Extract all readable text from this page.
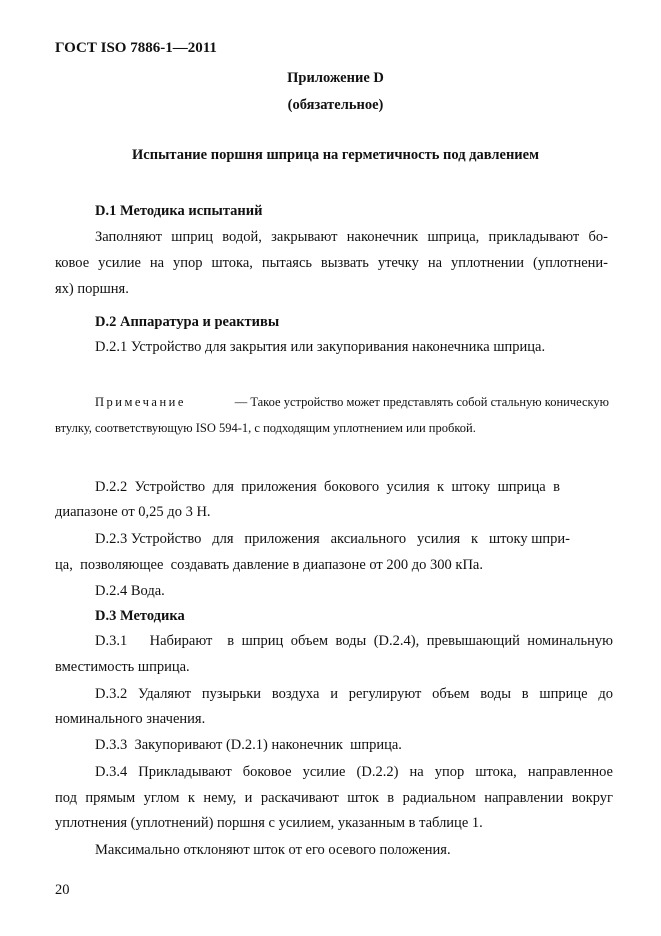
ГОСТ ISO 7886-1—2011
Приложение D
(обязательное)
Испытание поршня шприца на герметичность под давлением
D.1 Методика испытаний
Заполняют шприц водой, закрывают наконечник шприца, прикладывают бо-
ковое усилие на упор штока, пытаясь вызвать утечку на уплотнении (уплотнени-
ях) поршня.
D.2 Аппаратура и реактивы
D.2.1 Устройство для закрытия или закупоривания наконечника шприца.
Примечание	— Такое устройство может представлять собой стальную коническую
втулку, соответствующую ISO 594-1, с подходящим уплотнением или пробкой.
D.2.2 Устройство для приложения бокового усилия к штоку шприца в
диапазоне от 0,25 до 3 Н.
D.2.3 Устройство   для   приложения   аксиального   усилия   к   штоку шпри-
ца,  позволяющее  создавать давление в диапазоне от 200 до 300 кПа.
D.2.4 Вода.
D.3 Методика
D.3.1   Набирают  в шприц объем воды (D.2.4), превышающий номинальную
вместимость шприца.
D.3.2 Удаляют пузырьки воздуха и регулируют объем воды в шприце до
номинального значения.
D.3.3  Закупоривают (D.2.1) наконечник  шприца.
D.3.4 Прикладывают боковое усилие (D.2.2) на упор штока, направленное
под прямым углом к нему, и раскачивают шток в радиальном направлении вокруг
уплотнения (уплотнений) поршня с усилием, указанным в таблице 1.
Максимально отклоняют шток от его осевого положения.
20
